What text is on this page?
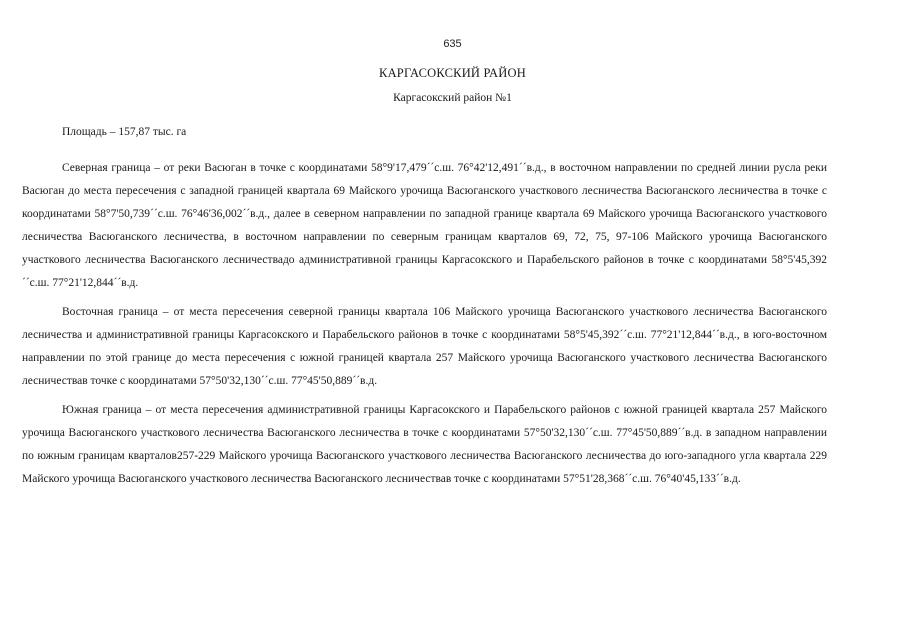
635
КАРГАСОКСКИЙ РАЙОН
Каргасокский район №1
Площадь – 157,87 тыс. га

Северная граница – от реки Васюган в точке с координатами 58°9'17,479´´с.ш. 76°42'12,491´´в.д., в восточном направлении по средней линии русла реки Васюган до места пересечения с западной границей квартала 69 Майского урочища Васюганского участкового лесничества Васюганского лесничества в точке с координатами 58°7'50,739´´с.ш. 76°46'36,002´´в.д., далее в северном направлении по западной границе квартала 69 Майского урочища Васюганского участкового лесничества Васюганского лесничества, в восточном направлении по северным границам кварталов 69, 72, 75, 97-106 Майского урочища Васюганского участкового лесничества Васюганского лесничествадо административной границы Каргасокского и Парабельского районов в точке с координатами 58°5'45,392´´с.ш. 77°21'12,844´´в.д.

Восточная граница – от места пересечения северной границы квартала 106 Майского урочища Васюганского участкового лесничества Васюганского лесничества и административной границы Каргасокского и Парабельского районов в точке с координатами 58°5'45,392´´с.ш. 77°21'12,844´´в.д., в юго-восточном направлении по этой границе до места пересечения с южной границей квартала 257 Майского урочища Васюганского участкового лесничества Васюганского лесничествав точке с координатами 57°50'32,130´´с.ш. 77°45'50,889´´в.д.

Южная граница – от места пересечения административной границы Каргасокского и Парабельского районов с южной границей квартала 257 Майского урочища Васюганского участкового лесничества Васюганского лесничества в точке с координатами 57°50'32,130´´с.ш. 77°45'50,889´´в.д. в западном направлении по южным границам кварталов257-229 Майского урочища Васюганского участкового лесничества Васюганского лесничества до юго-западного угла квартала 229 Майского урочища Васюганского участкового лесничества Васюганского лесничествав точке с координатами 57°51'28,368´´с.ш. 76°40'45,133´´в.д.
